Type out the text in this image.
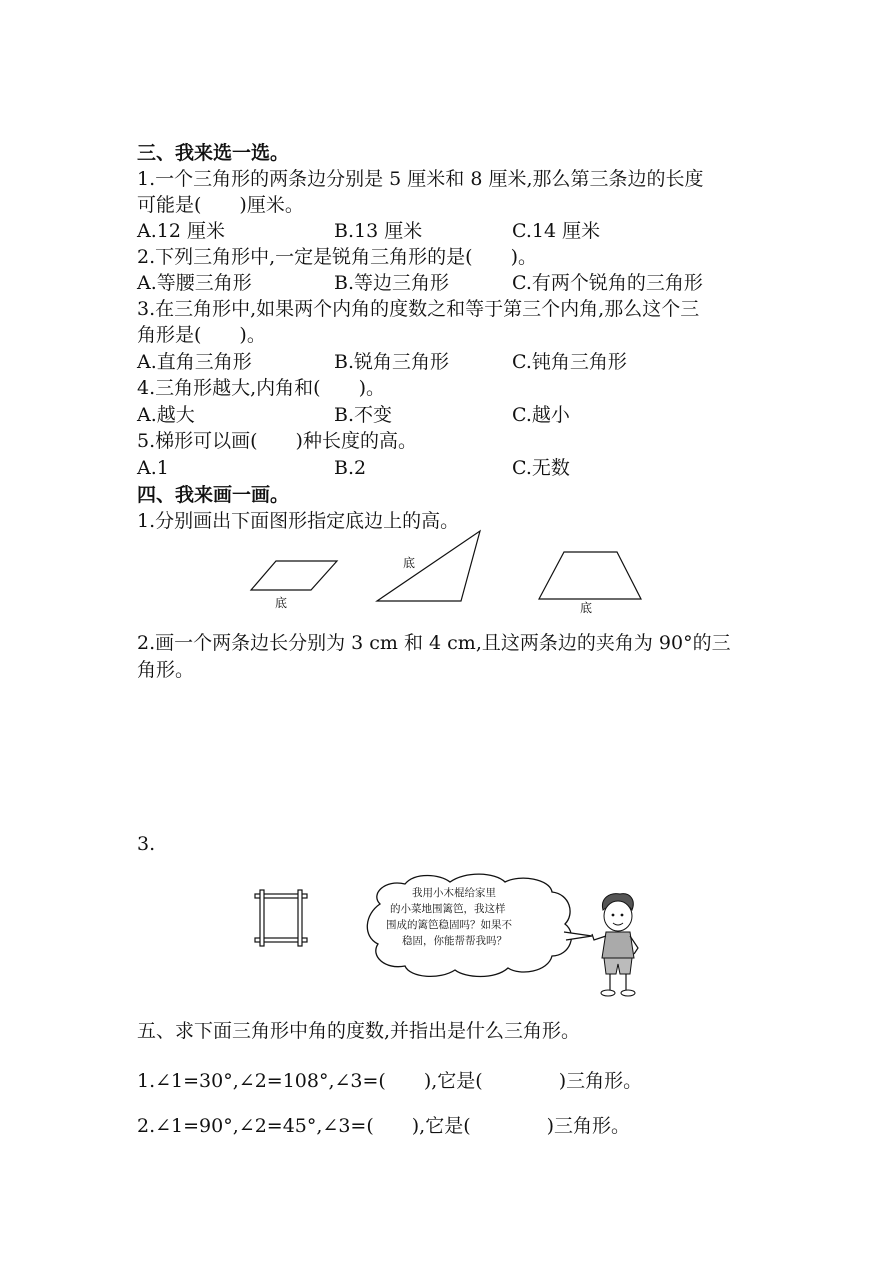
三、我来选一选。
1.一个三角形的两条边分别是 5 厘米和 8 厘米,那么第三条边的长度
可能是(　　)厘米。
A.12 厘米	B.13 厘米	C.14 厘米
2.下列三角形中,一定是锐角三角形的是(　　)。
A.等腰三角形	B.等边三角形	C.有两个锐角的三角形
3.在三角形中,如果两个内角的度数之和等于第三个内角,那么这个三
角形是(　　)。
A.直角三角形	B.锐角三角形	C.钝角三角形
4.三角形越大,内角和(　　)。
A.越大	B.不变	C.越小
5.梯形可以画(　　)种长度的高。
A.1	B.2	C.无数
四、我来画一画。
1.分别画出下面图形指定底边上的高。
底
底
底
2.画一个两条边长分别为 3 cm 和 4 cm,且这两条边的夹角为 90°的三
角形。
3.
我用小木棍给家里
的小菜地围篱笆，我这样
围成的篱笆稳固吗？如果不
稳固，你能帮帮我吗？
五、求下面三角形中角的度数,并指出是什么三角形。
1.∠1=30°,∠2=108°,∠3=(　　),它是(　　　　)三角形。
2.∠1=90°,∠2=45°,∠3=(　　),它是(　　　　)三角形。
